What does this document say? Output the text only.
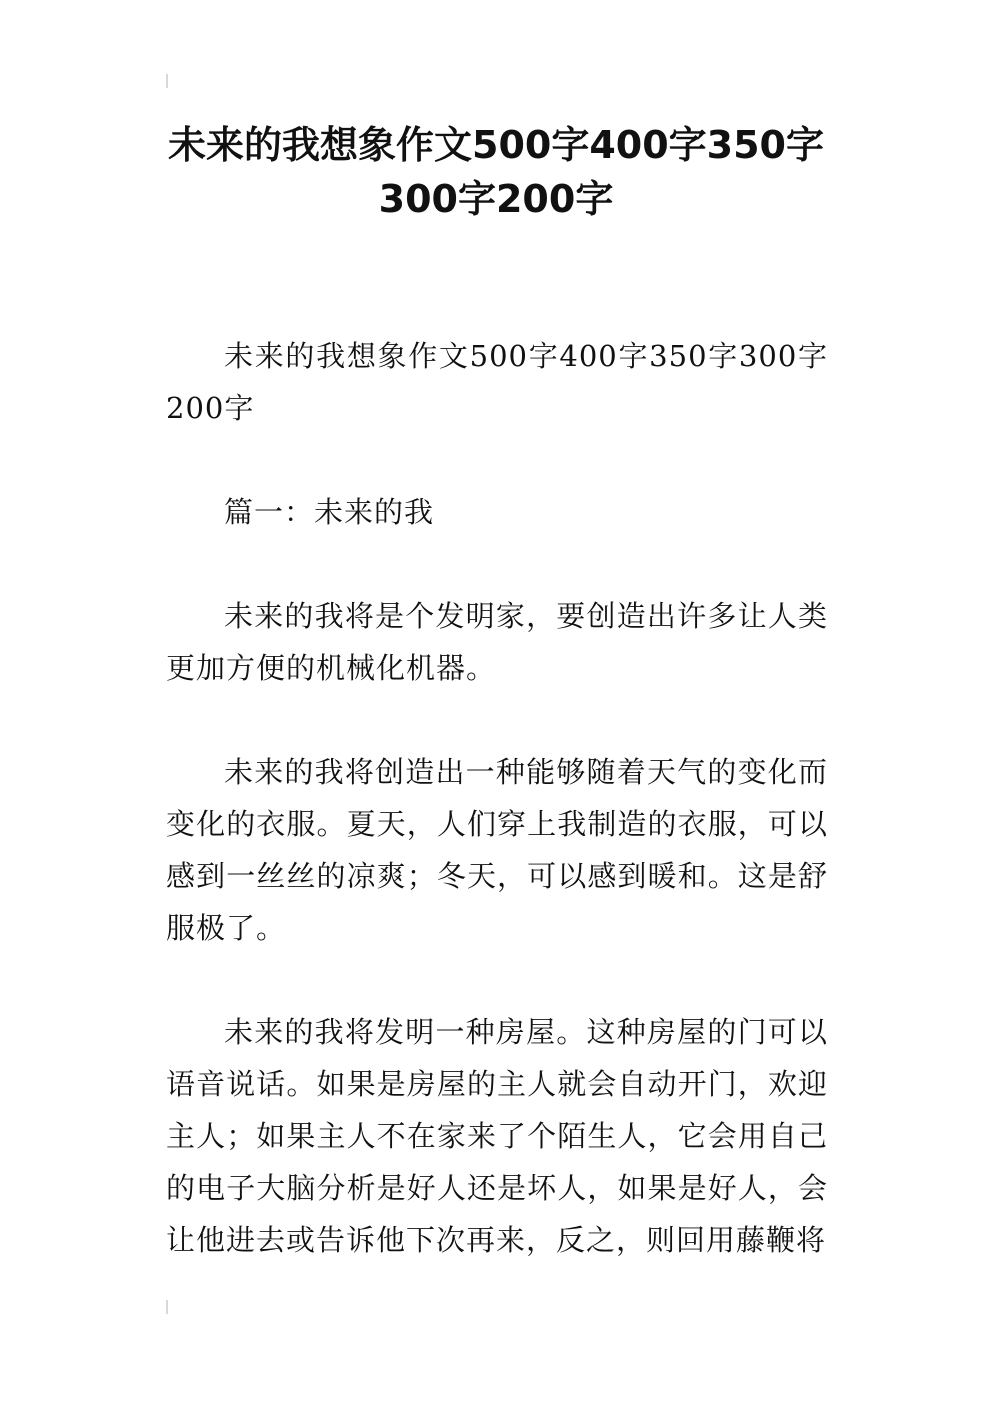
未来的我想象作文500字400字350字300字200字

未来的我想象作文500字400字350字300字200字

篇一：未来的我

未来的我将是个发明家，要创造出许多让人类更加方便的机械化机器。

未来的我将创造出一种能够随着天气的变化而变化的衣服。夏天，人们穿上我制造的衣服，可以感到一丝丝的凉爽；冬天，可以感到暖和。这是舒服极了。

未来的我将发明一种房屋。这种房屋的门可以语音说话。如果是房屋的主人就会自动开门，欢迎主人；如果主人不在家来了个陌生人，它会用自己的电子大脑分析是好人还是坏人，如果是好人，会让他进去或告诉他下次再来，反之，则回用藤鞭将
